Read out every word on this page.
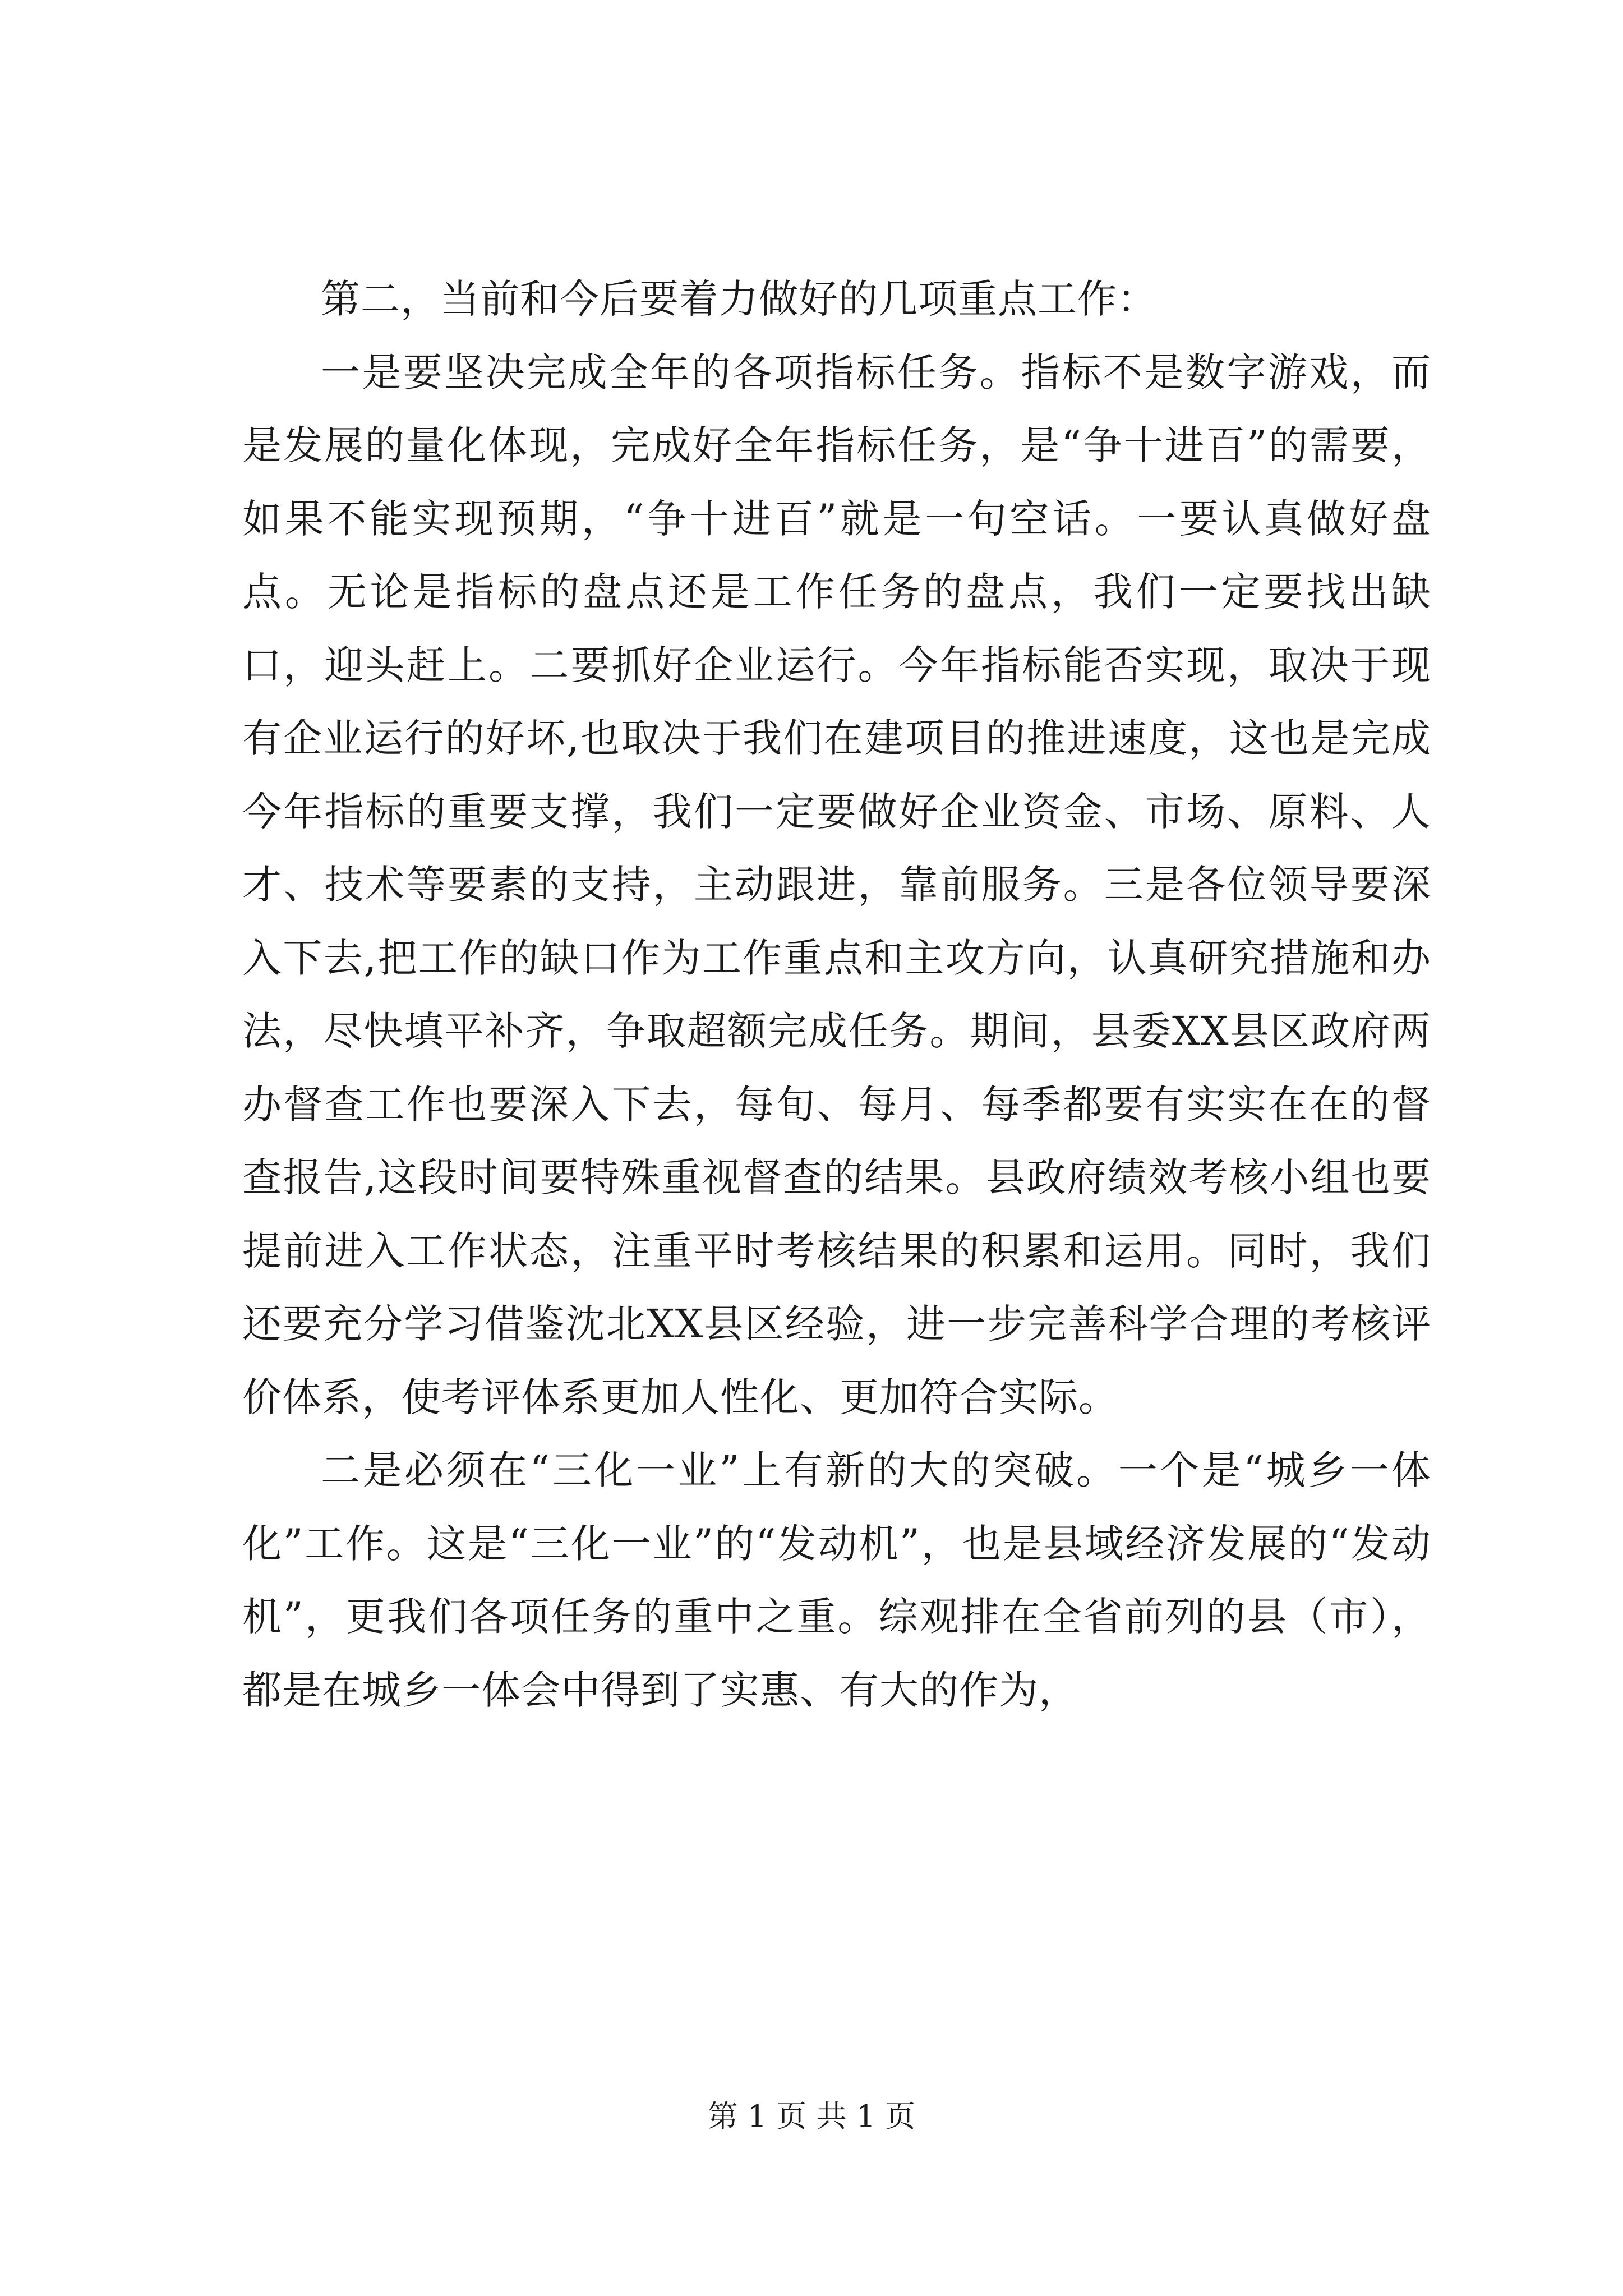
第二，当前和今后要着力做好的几项重点工作：

一是要坚决完成全年的各项指标任务。指标不是数字游戏，而是发展的量化体现，完成好全年指标任务，是“争十进百”的需要，如果不能实现预期，“争十进百”就是一句空话。一要认真做好盘点。无论是指标的盘点还是工作任务的盘点，我们一定要找出缺口，迎头赶上。二要抓好企业运行。今年指标能否实现，取决于现有企业运行的好坏,也取决于我们在建项目的推进速度，这也是完成今年指标的重要支撑，我们一定要做好企业资金、市场、原料、人才、技术等要素的支持，主动跟进，靠前服务。三是各位领导要深入下去,把工作的缺口作为工作重点和主攻方向，认真研究措施和办法，尽快填平补齐，争取超额完成任务。期间，县委XX县区政府两办督查工作也要深入下去，每旬、每月、每季都要有实实在在的督查报告,这段时间要特殊重视督查的结果。县政府绩效考核小组也要提前进入工作状态，注重平时考核结果的积累和运用。同时，我们还要充分学习借鉴沈北XX县区经验，进一步完善科学合理的考核评价体系，使考评体系更加人性化、更加符合实际。

二是必须在“三化一业”上有新的大的突破。一个是“城乡一体化”工作。这是“三化一业”的“发动机”，也是县域经济发展的“发动机”，更我们各项任务的重中之重。综观排在全省前列的县（市），都是在城乡一体会中得到了实惠、有大的作为，

第 1 页 共 1 页
